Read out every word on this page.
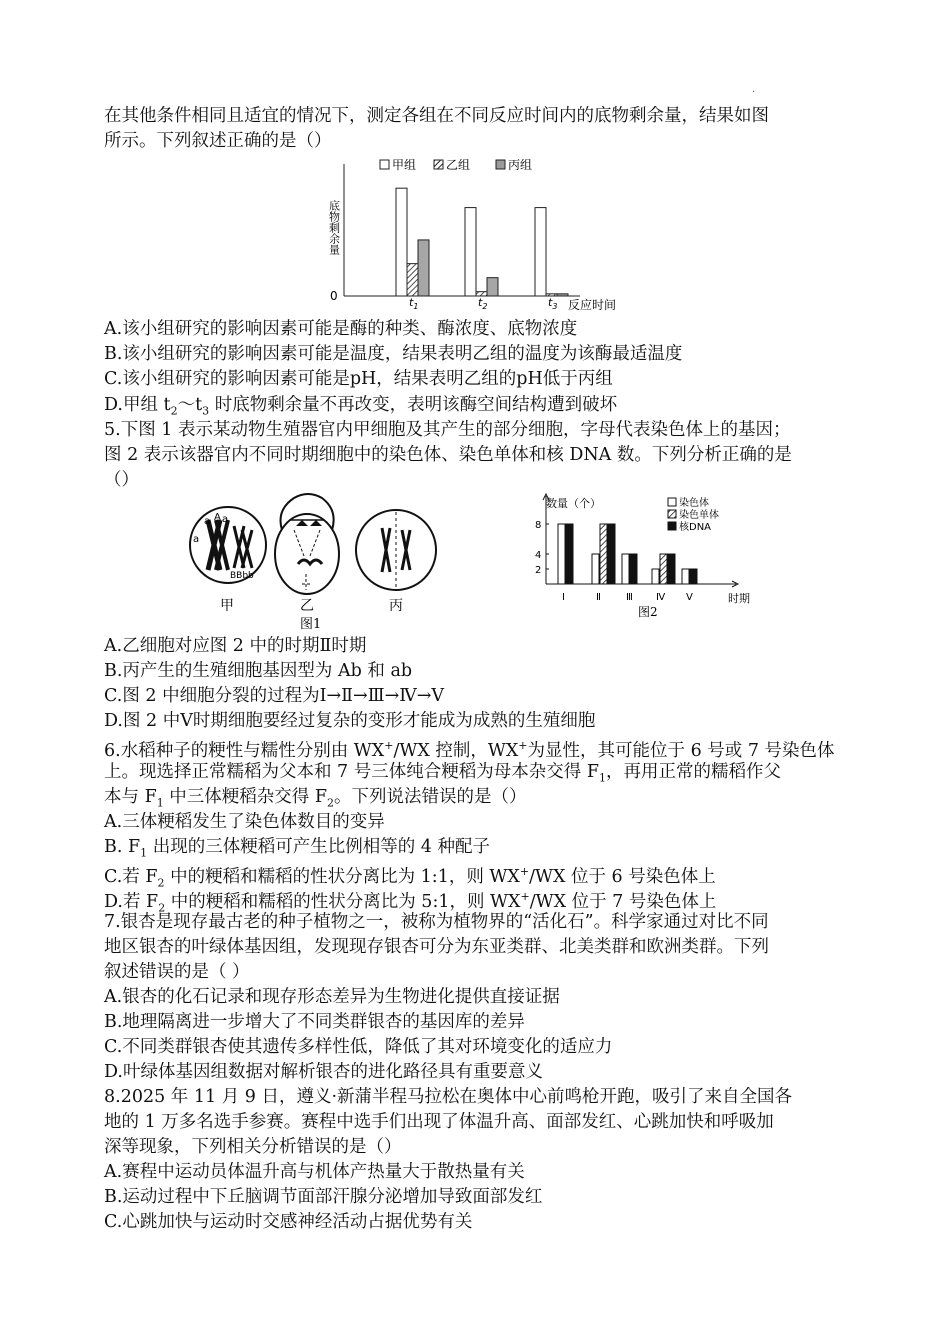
.
在其他条件相同且适宜的情况下，测定各组在不同反应时间内的底物剩余量，结果如图
所示。下列叙述正确的是（）
甲组 乙组	丙组
底物剩余量
0
反应时间
$t_1$	$t_2$	$t_3$
A.该小组研究的影响因素可能是酶的种类、酶浓度、底物浓度
B.该小组研究的影响因素可能是温度，结果表明乙组的温度为该酶最适温度
C.该小组研究的影响因素可能是pH，结果表明乙组的pH低于丙组
D.甲组 $t_2\sim t_3$ 时底物剩余量不再改变，表明该酶空间结构遭到破坏
5.下图 1 表示某动物生殖器官内甲细胞及其产生的部分细胞，字母代表染色体上的基因；
图 2 表示该器官内不同时期细胞中的染色体、染色单体和核 DNA 数。下列分析正确的是
（）
A
a a
a
BBbb
甲	乙	丙
图1
数量（个）
时期
染色体
染色单体
核DNA
2
4
8
Ⅰ	Ⅱ	Ⅲ Ⅳ Ⅴ
图2
A.乙细胞对应图 2 中的时期Ⅱ时期
B.丙产生的生殖细胞基因型为 Ab 和 ab
C.图 2 中细胞分裂的过程为Ⅰ→Ⅱ→Ⅲ→Ⅳ→Ⅴ
D.图 2 中Ⅴ时期细胞要经过复杂的变形才能成为成熟的生殖细胞
6.水稻种子的粳性与糯性分别由 WX+/WX 控制，WX+为显性，其可能位于 6 号或 7 号染色体
上。现选择正常糯稻为父本和 7 号三体纯合粳稻为母本杂交得 $F_1$，再用正常的糯稻作父
本与 $F_1$ 中三体粳稻杂交得 $F_2$。下列说法错误的是（）
A.三体粳稻发生了染色体数目的变异
B. $F_1$ 出现的三体粳稻可产生比例相等的 4 种配子
C.若 $F_2$ 中的粳稻和糯稻的性状分离比为 1:1，则 WX+/WX 位于 6 号染色体上
D.若 $F_2$ 中的粳稻和糯稻的性状分离比为 5:1，则 WX+/WX 位于 7 号染色体上
7.银杏是现存最古老的种子植物之一，被称为植物界的“活化石”。科学家通过对比不同
地区银杏的叶绿体基因组，发现现存银杏可分为东亚类群、北美类群和欧洲类群。下列
叙述错误的是（ ）
A.银杏的化石记录和现存形态差异为生物进化提供直接证据
B.地理隔离进一步增大了不同类群银杏的基因库的差异
C.不同类群银杏使其遗传多样性低，降低了其对环境变化的适应力
D.叶绿体基因组数据对解析银杏的进化路径具有重要意义
8.2025 年 11 月 9 日，遵义·新蒲半程马拉松在奥体中心前鸣枪开跑，吸引了来自全国各
地的 1 万多名选手参赛。赛程中选手们出现了体温升高、面部发红、心跳加快和呼吸加
深等现象，下列相关分析错误的是（）
A.赛程中运动员体温升高与机体产热量大于散热量有关
B.运动过程中下丘脑调节面部汗腺分泌增加导致面部发红
C.心跳加快与运动时交感神经活动占据优势有关
